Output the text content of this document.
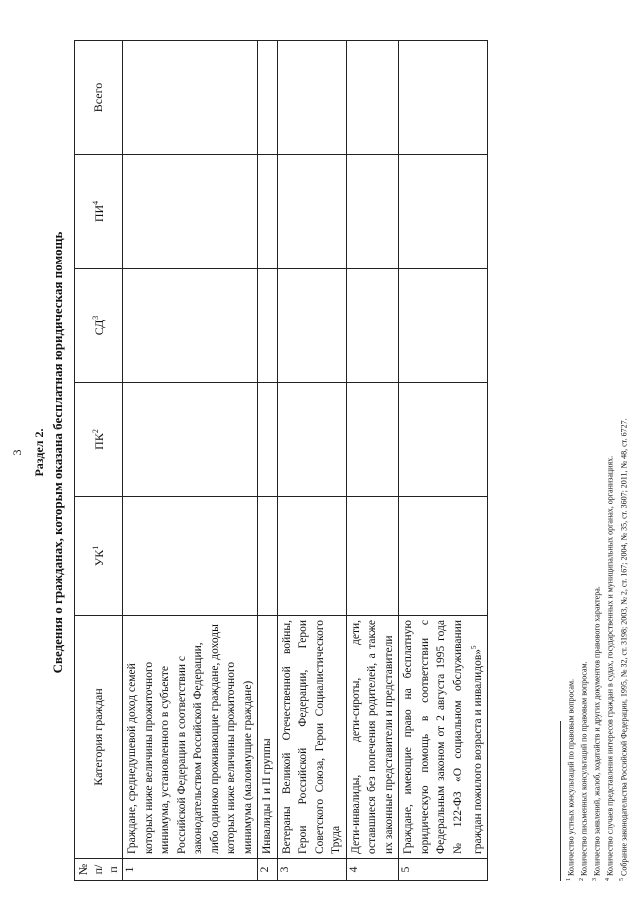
3 Раздел 2. Сведения о гражданах, которым оказана бесплатная юридическая помощь
№ п/п	Категория граждан	$УК^1$	$ПК^2$	$СД^3$	$ПИ^4$	Всего
1	Граждане, среднедушевой доход семей которых ниже величины прожиточного минимума, установленного в субъекте Российской Федерации в соответствии с законодательством Российской Федерации, либо одиноко проживающие граждане, доходы которых ниже величины прожиточного минимума (малоимущие граждане)					
2	Инвалиды I и II группы					
3	Ветераны Великой Отечественной войны, Герои Российской Федерации, Герои Советского Союза, Герои Социалистического Труда					
4	Дети-инвалиды, дети-сироты, дети, оставшиеся без попечения родителей, а также их законные представители и представители					
5	Граждане, имеющие право на бесплатную юридическую помощь в соответствии с Федеральным законом от 2 августа 1995 года № 122-ФЗ «О социальном обслуживании граждан пожилого возраста и инвалидов»$^5$					
$^1$ Количество устных консультаций по правовым вопросам.
$^2$ Количество письменных консультаций по правовым вопросам.
$^3$ Количество заявлений, жалоб, ходатайств и других документов правового характера.
$^4$ Количество случаев представления интересов граждан в судах, государственных и муниципальных органах, организациях.
$^5$ Собрание законодательства Российской Федерации, 1995, № 32, ст. 3198; 2003, № 2, ст. 167; 2004, № 35, ст. 3607; 2011, № 48, ст. 6727.
